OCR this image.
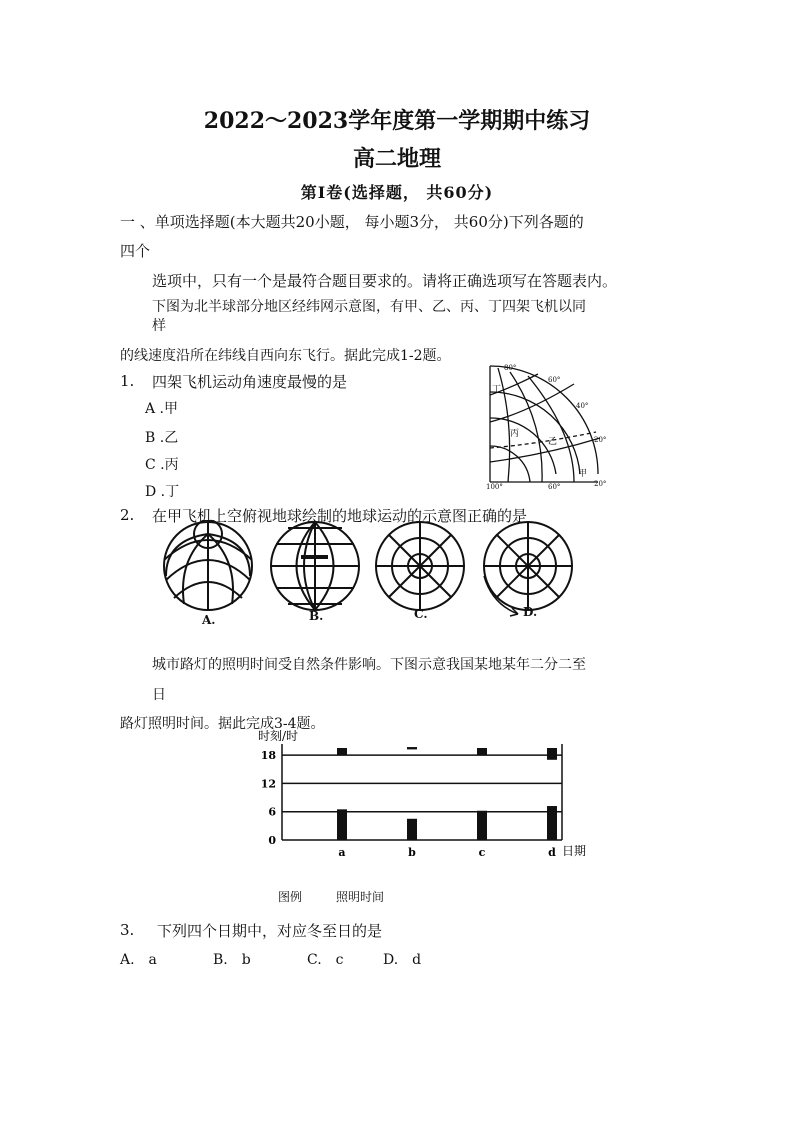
2022～2023学年度第一学期期中练习
高二地理
第Ⅰ卷(选择题， 共60分)
一 、单项选择题(本大题共20小题， 每小题3分， 共60分)下列各题的
四个
选项中，只有一个是最符合题目要求的。请将正确选项写在答题表内。
下图为北半球部分地区经纬网示意图，有甲、乙、丙、丁四架飞机以同
样
的线速度沿所在纬线自西向东飞行。据此完成1-2题。
1. 四架飞机运动角速度最慢的是
A .甲
B .乙
C .丙
D .丁
80°
60°
40°
20°
20°
100°	60°
丁
丙
乙
甲
2. 在甲飞机上空俯视地球绘制的地球运动的示意图正确的是
A.	B.	C.	D.
城市路灯的照明时间受自然条件影响。下图示意我国某地某年二分二至
日
路灯照明时间。据此完成3-4题。
时刻/时
0
6
12
18
a	b	c	d 日期
图例	照明时间
3. 下列四个日期中，对应冬至日的是
A.　a	B.　b	C.　c	D.　d
